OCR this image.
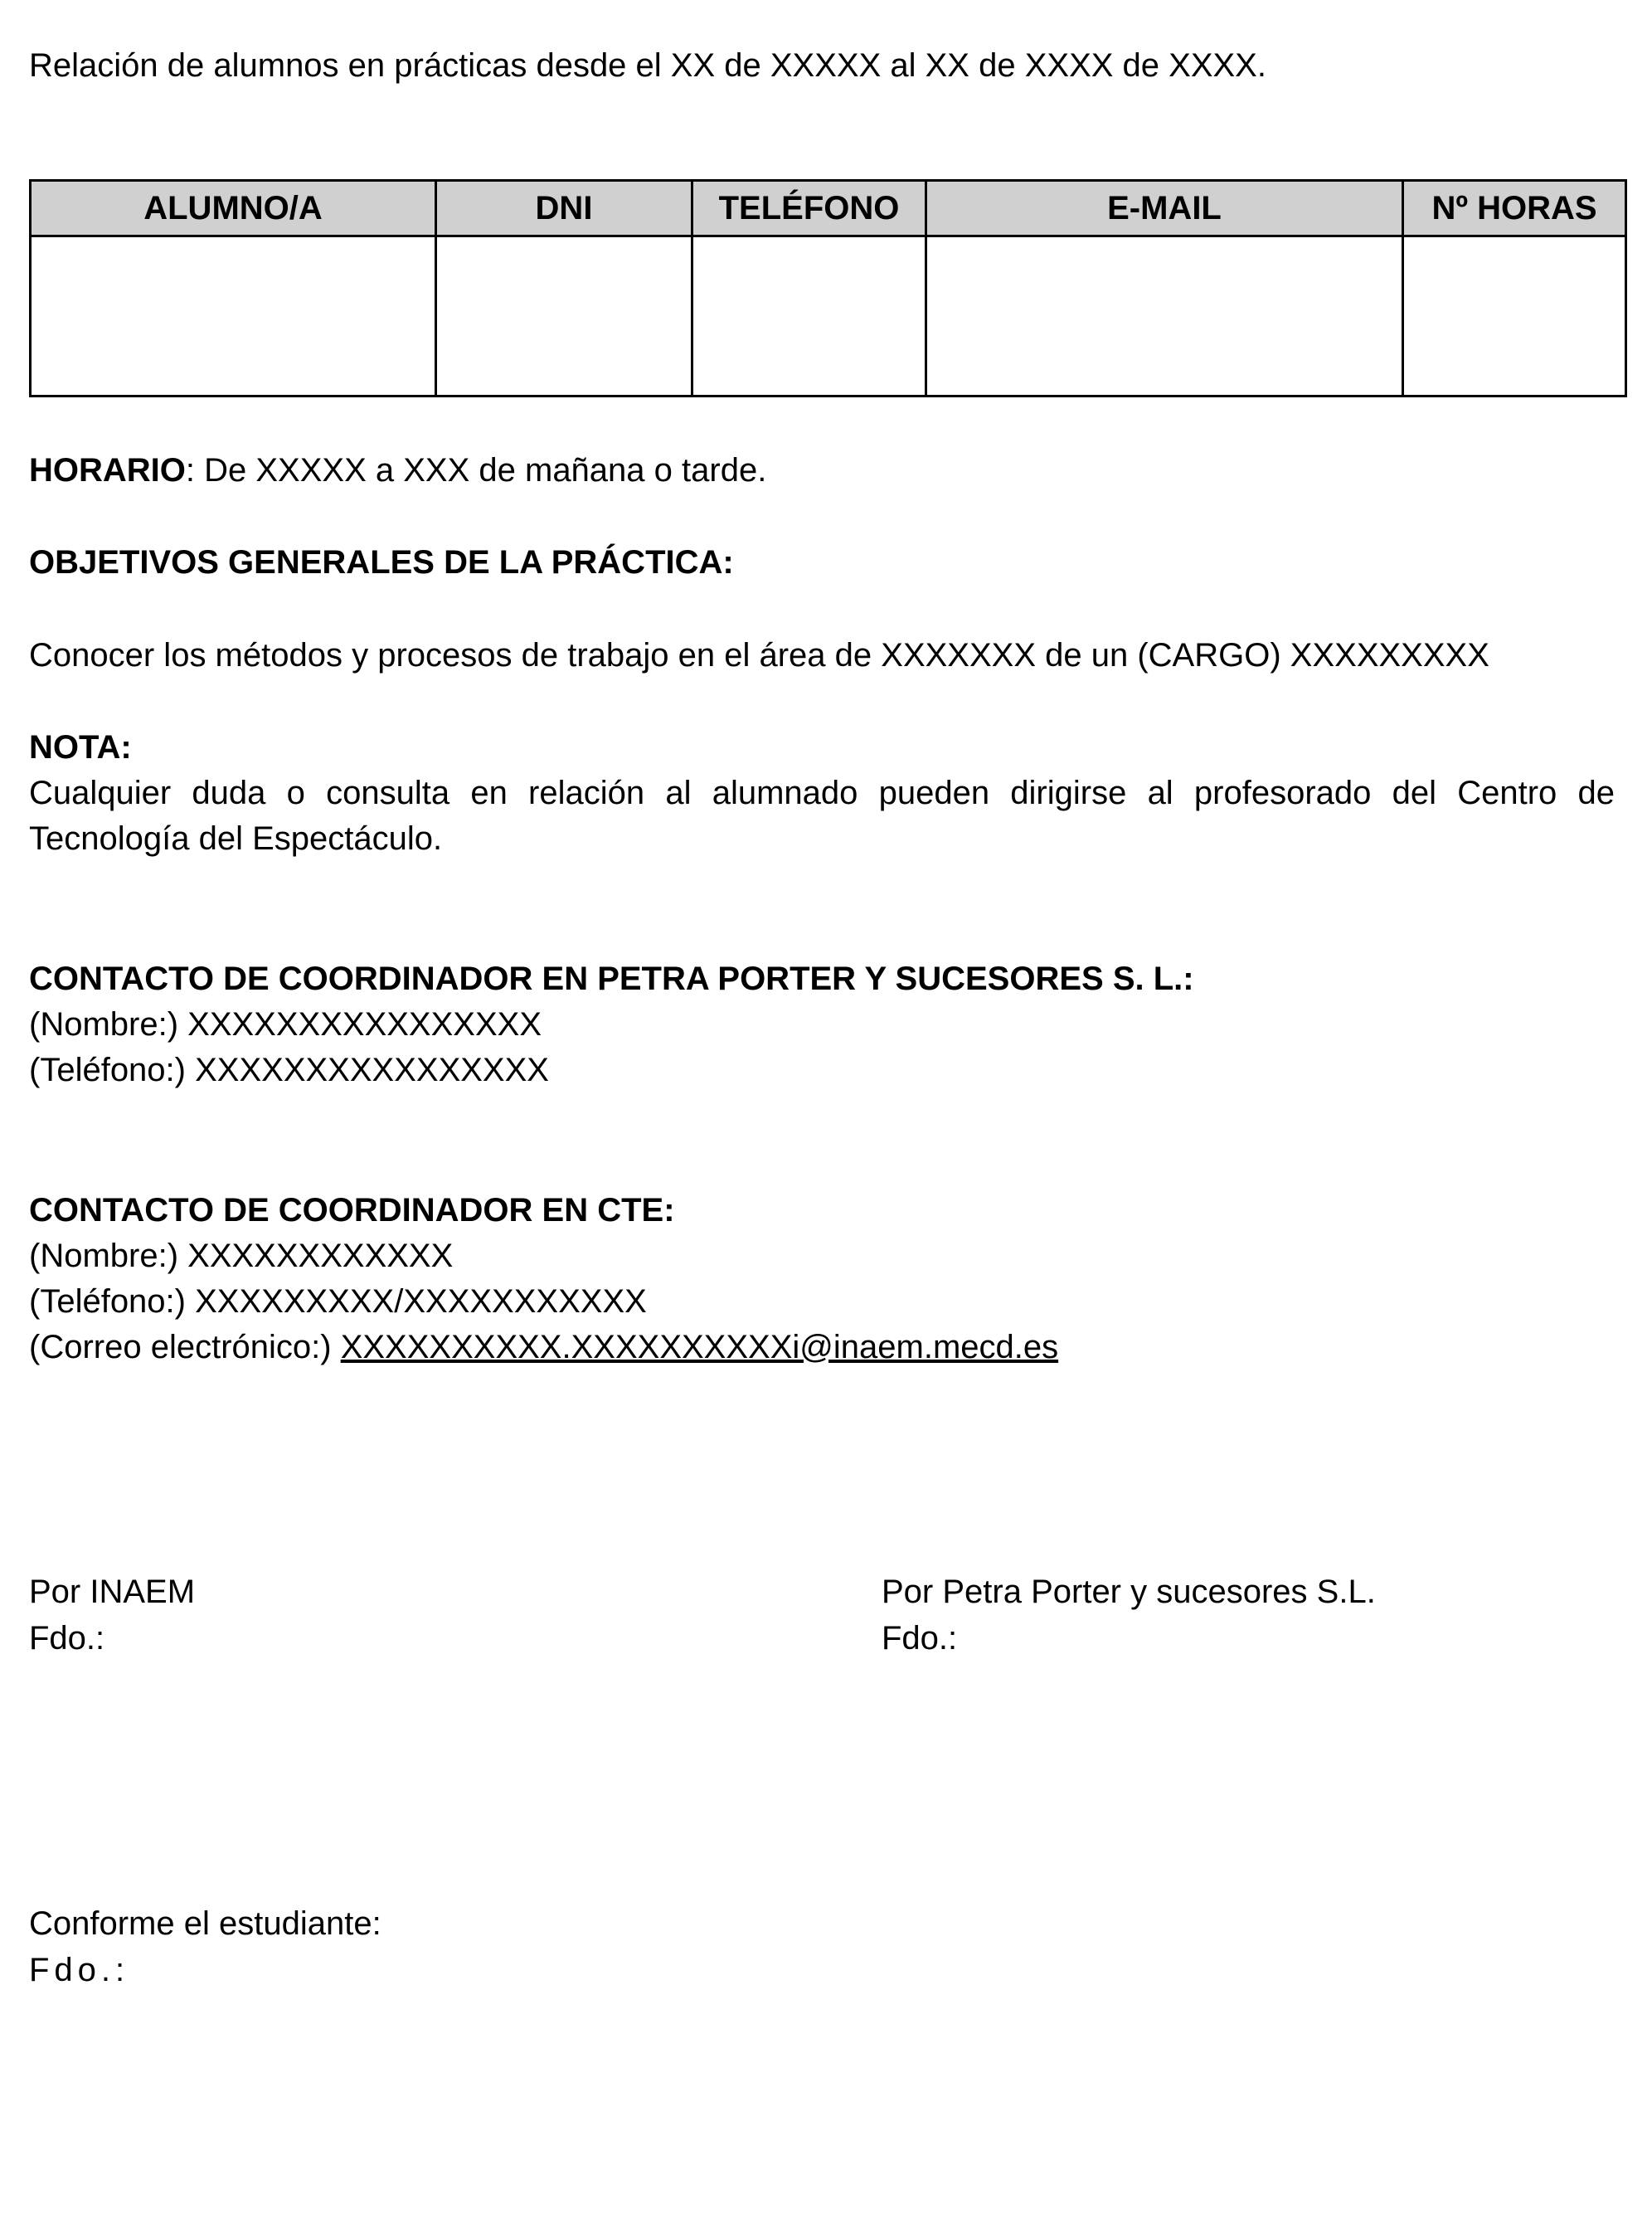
Relación de alumnos en prácticas desde el XX de XXXXX al XX de XXXX de XXXX.
ALUMNO/A	DNI	TELÉFONO	E-MAIL	Nº HORAS

HORARIO: De XXXXX a XXX de mañana o tarde.
OBJETIVOS GENERALES DE LA PRÁCTICA:
Conocer los métodos y procesos de trabajo en el área de XXXXXXX de un (CARGO) XXXXXXXXX
NOTA:
Cualquier duda o consulta en relación al alumnado pueden dirigirse al profesorado del Centro de Tecnología del Espectáculo.
CONTACTO DE COORDINADOR EN PETRA PORTER Y SUCESORES S. L.:
(Nombre:) XXXXXXXXXXXXXXXX
(Teléfono:) XXXXXXXXXXXXXXXX
CONTACTO DE COORDINADOR EN CTE:
(Nombre:) XXXXXXXXXXXX
(Teléfono:) XXXXXXXXX/XXXXXXXXXXX
(Correo electrónico:) XXXXXXXXXX.XXXXXXXXXXi@inaem.mecd.es
Por INAEM
Fdo.:
Por Petra Porter y sucesores S.L.
Fdo.:
Conforme el estudiante:
Fdo.:
